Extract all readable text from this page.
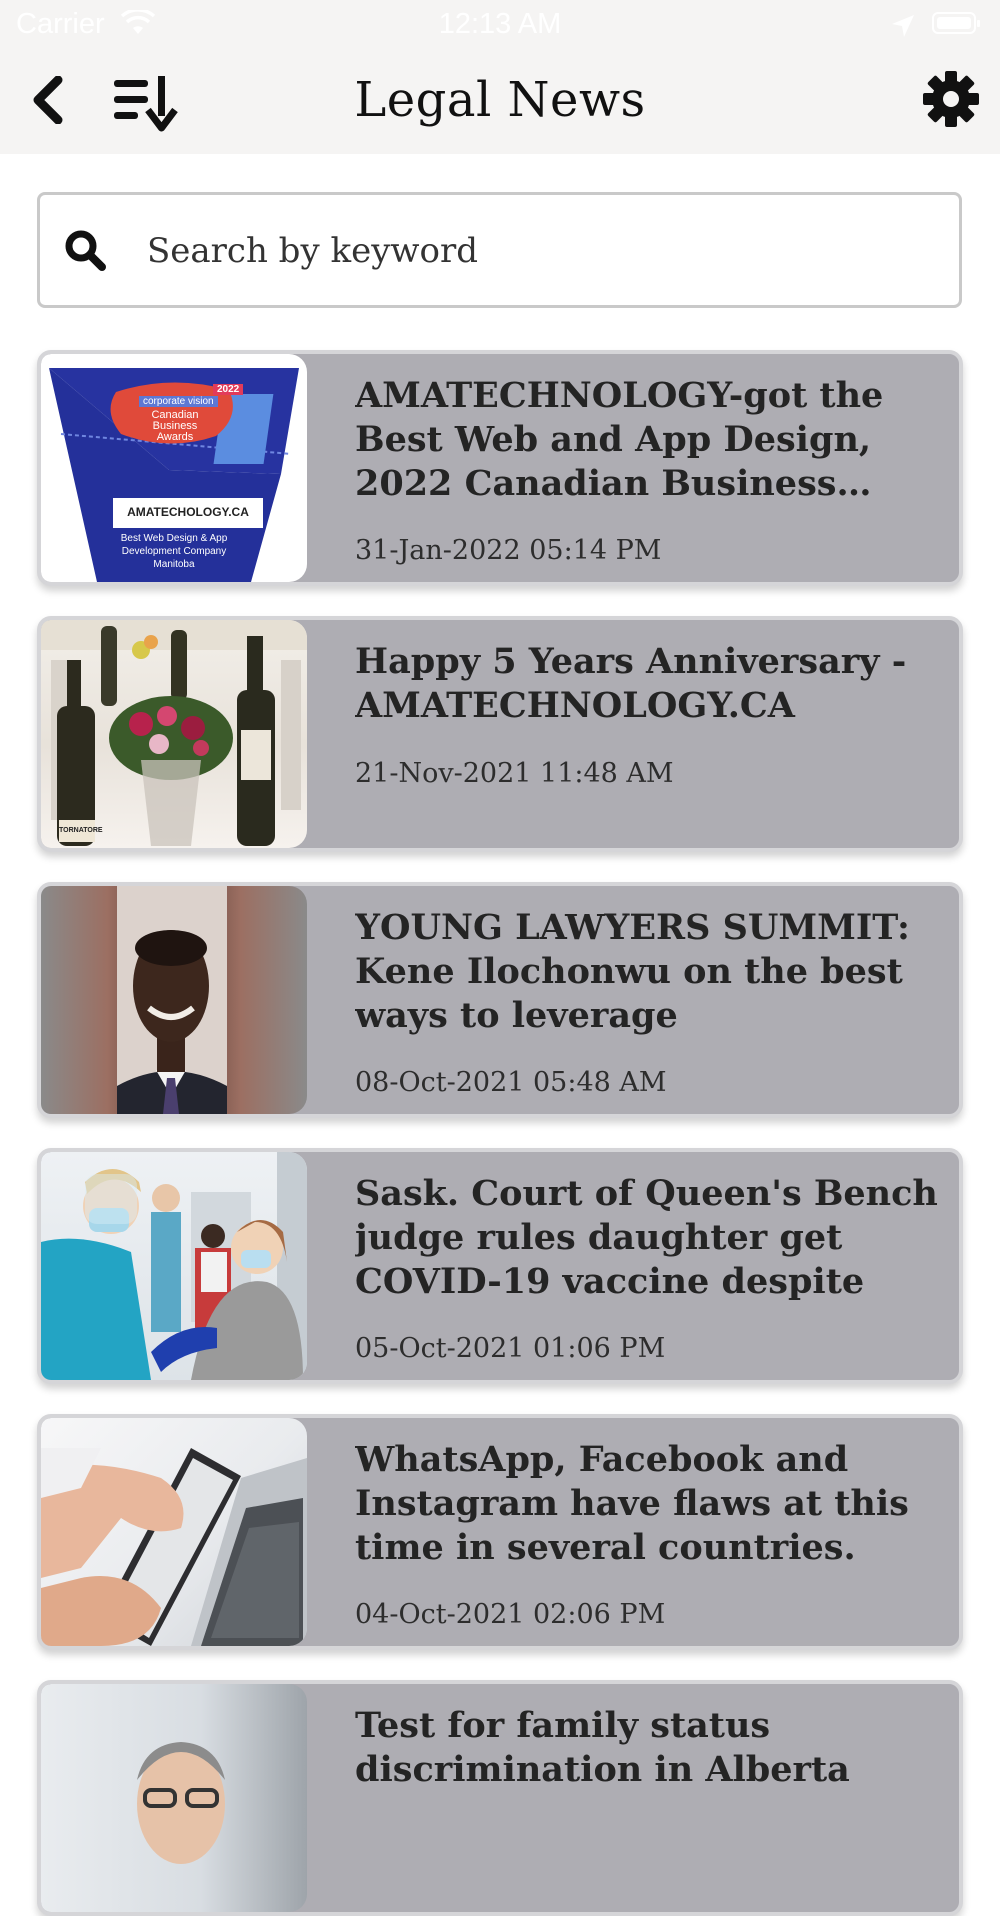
Carrier	12:13 AM
Legal News
Search by keyword
corporate vision
2022
Canadian Business Awards
AMATECHOLOGY.CA
Best Web Design & App Development Company Manitoba
AMATECHNOLOGY-got the Best Web and App Design, 2022 Canadian Business
31-Jan-2022 05:14 PM
TORNATORE
Happy 5 Years Anniversary - AMATECHNOLOGY.CA
21-Nov-2021 11:48 AM
YOUNG LAWYERS SUMMIT: Kene Ilochonwu on the best ways to leverage
08-Oct-2021 05:48 AM
Sask. Court of Queen's Bench judge rules daughter get COVID-19 vaccine despite
05-Oct-2021 01:06 PM
WhatsApp, Facebook and Instagram have flaws at this time in several countries.
04-Oct-2021 02:06 PM
Test for family status discrimination in Alberta
